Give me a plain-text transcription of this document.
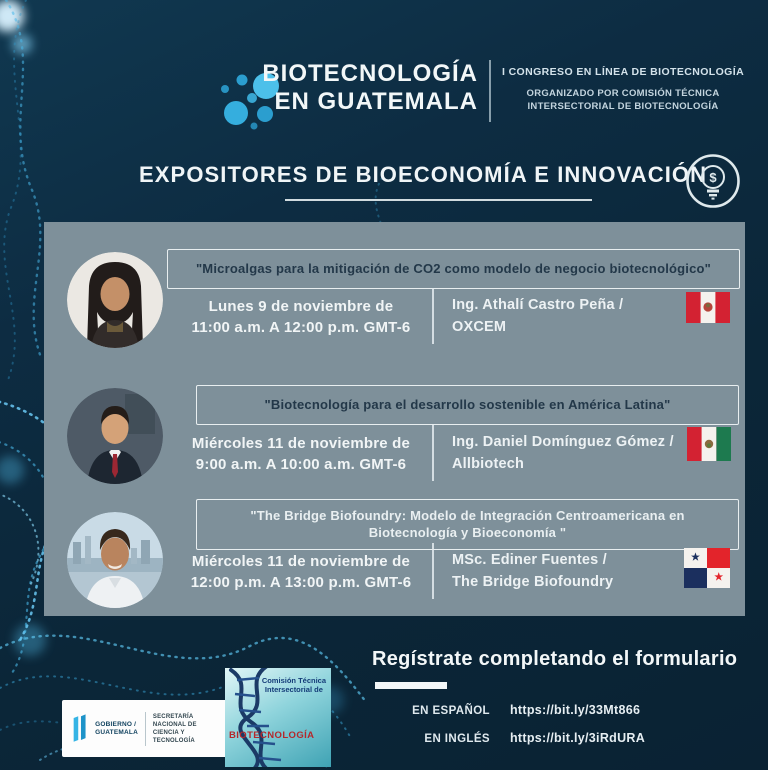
BIOTECNOLOGÍA
EN GUATEMALA
I CONGRESO EN LÍNEA DE BIOTECNOLOGÍA
ORGANIZADO POR COMISIÓN TÉCNICA
INTERSECTORIAL DE BIOTECNOLOGÍA
EXPOSITORES DE BIOECONOMÍA E INNOVACIÓN $
"Microalgas para la mitigación de CO2 como modelo de negocio biotecnológico"
Lunes 9 de noviembre de
11:00 a.m. A 12:00 p.m. GMT-6
Ing. Athalí Castro Peña /
OXCEM
"Biotecnología para el desarrollo sostenible en América Latina"
Miércoles 11 de noviembre de
9:00 a.m. A 10:00 a.m. GMT-6
Ing. Daniel Domínguez Gómez /
Allbiotech
"The Bridge Biofoundry: Modelo de Integración Centroamericana en Biotecnología y Bioeconomía "
Miércoles 11 de noviembre de
12:00 p.m. A 13:00 p.m. GMT-6
MSc. Ediner Fuentes /
The Bridge Biofoundry
Regístrate completando el formulario
EN ESPAÑOL https://bit.ly/33Mt866
EN INGLÉS https://bit.ly/3iRdURA
GOBIERNO /
GUATEMALA
SECRETARÍA
NACIONAL DE
CIENCIA Y TECNOLOGÍA
Comisión Técnica
Intersectorial de
BIOTECNOLOGÍA
